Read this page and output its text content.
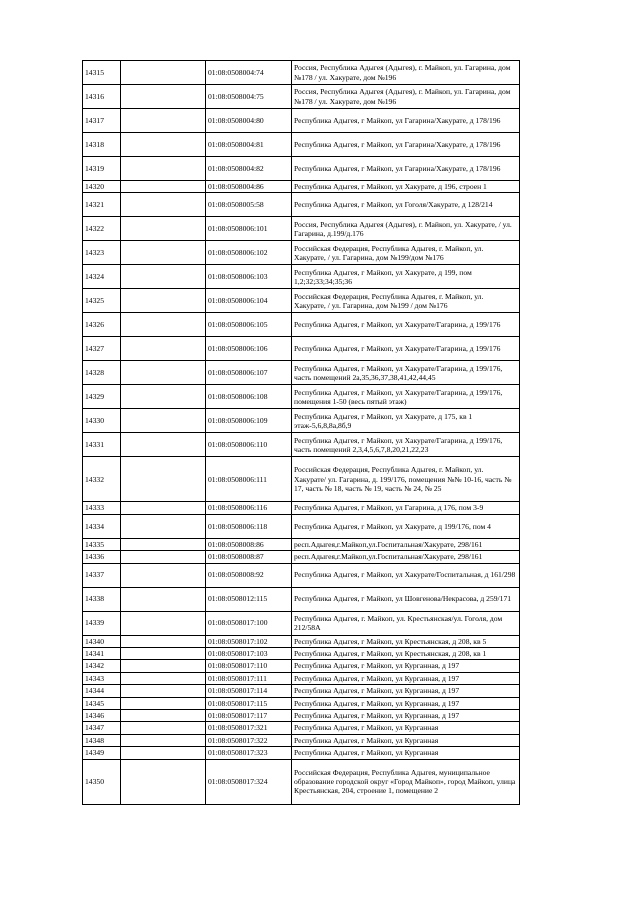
14315		01:08:0508004:74	Россия, Республика Адыгея (Адыгея), г. Майкоп, ул. Гагарина, дом №178 / ул. Хакурате, дом №196
14316		01:08:0508004:75	Россия, Республика Адыгея (Адыгея), г. Майкоп, ул. Гагарина, дом №178 / ул. Хакурате, дом №196
14317		01:08:0508004:80	Республика Адыгея, г Майкоп, ул Гагарина/Хакурате, д 178/196
14318		01:08:0508004:81	Республика Адыгея, г Майкоп, ул Гагарина/Хакурате, д 178/196
14319		01:08:0508004:82	Республика Адыгея, г Майкоп, ул Гагарина/Хакурате, д 178/196
14320		01:08:0508004:86	Республика Адыгея, г Майкоп, ул Хакурате, д 196, строен 1
14321		01:08:0508005:58	Республика Адыгея, г Майкоп, ул Гоголя/Хакурате, д 128/214
14322		01:08:0508006:101	Россия, Республика Адыгея (Адыгея), г. Майкоп, ул. Хакурате, / ул. Гагарина, д.199/д.176
14323		01:08:0508006:102	Российская Федерация, Республика Адыгея, г. Майкоп, ул. Хакурате, / ул. Гагарина, дом №199/дом №176
14324		01:08:0508006:103	Республика Адыгея, г Майкоп, ул Хакурате, д 199, пом 1,2;32;33;34;35;36
14325		01:08:0508006:104	Российская Федерация, Республика Адыгея, г. Майкоп, ул. Хакурате, / ул. Гагарина, дом №199 / дом №176
14326		01:08:0508006:105	Республика Адыгея, г Майкоп, ул Хакурате/Гагарина, д 199/176
14327		01:08:0508006:106	Республика Адыгея, г Майкоп, ул Хакурате/Гагарина, д 199/176
14328		01:08:0508006:107	Республика Адыгея, г Майкоп, ул Хакурате/Гагарина, д 199/176, часть помещений 2а,35,36,37,38,41,42,44,45
14329		01:08:0508006:108	Республика Адыгея, г Майкоп, ул Хакурате/Гагарина, д 199/176, помещения 1-50 (весь пятый этаж)
14330		01:08:0508006:109	Республика Адыгея, г Майкоп, ул Хакурате, д 175, кв 1 этаж-5,6,8,8а,8б,9
14331		01:08:0508006:110	Республика Адыгея, г Майкоп, ул Хакурате/Гагарина, д 199/176, часть помещений 2,3,4,5,6,7,8,20,21,22,23
14332		01:08:0508006:111	Российская Федерация, Республика Адыгея, г. Майкоп, ул. Хакурате/ ул. Гагарина, д. 199/176, помещения №№ 10-16, часть № 17, часть № 18, часть № 19, часть № 24, № 25
14333		01:08:0508006:116	Республика Адыгея, г Майкоп, ул Гагарина, д 176, пом 3-9
14334		01:08:0508006:118	Республика Адыгея, г Майкоп, ул Хакурате, д 199/176, пом 4
14335		01:08:0508008:86	респ.Адыгея,г.Майкоп,ул.Госпитальная/Хакурате, 298/161
14336		01:08:0508008:87	респ.Адыгея,г.Майкоп,ул.Госпитальная/Хакурате, 298/161
14337		01:08:0508008:92	Республика Адыгея, г Майкоп, ул Хакурате/Госпитальная, д 161/298
14338		01:08:0508012:115	Республика Адыгея, г Майкоп, ул Шовгенова/Некрасова, д 259/171
14339		01:08:0508017:100	Республика Адыгея, г. Майкоп, ул. Крестьянская/ул. Гоголя, дом 212/58А
14340		01:08:0508017:102	Республика Адыгея, г Майкоп, ул Крестьянская, д 208, кв 5
14341		01:08:0508017:103	Республика Адыгея, г Майкоп, ул Крестьянская, д 208, кв 1
14342		01:08:0508017:110	Республика Адыгея, г Майкоп, ул Курганная, д 197
14343		01:08:0508017:111	Республика Адыгея, г Майкоп, ул Курганная, д 197
14344		01:08:0508017:114	Республика Адыгея, г Майкоп, ул Курганная, д 197
14345		01:08:0508017:115	Республика Адыгея, г Майкоп, ул Курганная, д 197
14346		01:08:0508017:117	Республика Адыгея, г Майкоп, ул Курганная, д 197
14347		01:08:0508017:321	Республика Адыгея, г Майкоп, ул Курганная
14348		01:08:0508017:322	Республика Адыгея, г Майкоп, ул Курганная
14349		01:08:0508017:323	Республика Адыгея, г Майкоп, ул Курганная
14350		01:08:0508017:324	Российская Федерация, Республика Адыгея, муниципальное образование городской округ «Город Майкоп», город Майкоп, улица Крестьянская, 204, строение 1, помещение 2
